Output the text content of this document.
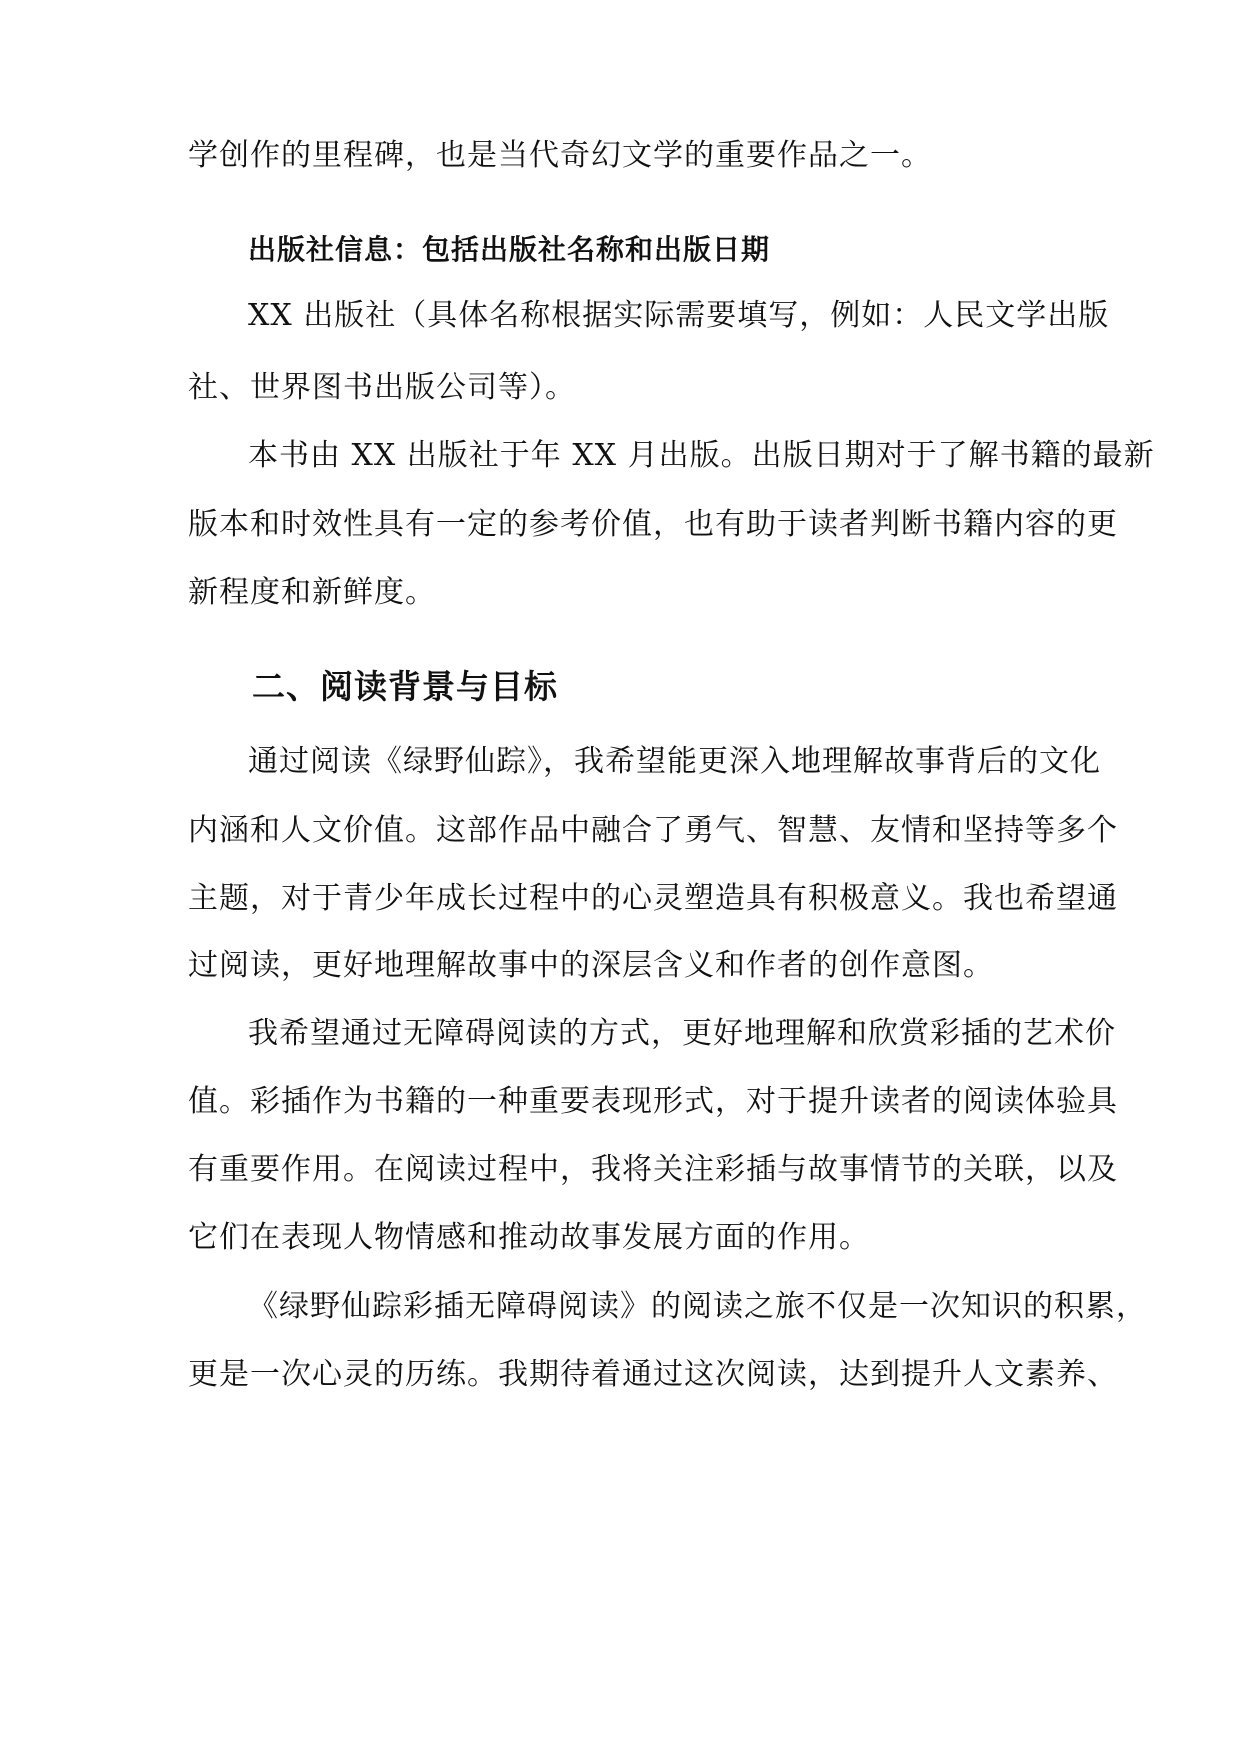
学创作的里程碑，也是当代奇幻文学的重要作品之一。
出版社信息：包括出版社名称和出版日期
XX 出版社（具体名称根据实际需要填写，例如：人民文学出版
社、世界图书出版公司等）。
本书由 XX 出版社于年 XX 月出版。出版日期对于了解书籍的最新
版本和时效性具有一定的参考价值，也有助于读者判断书籍内容的更
新程度和新鲜度。
二、阅读背景与目标
通过阅读《绿野仙踪》，我希望能更深入地理解故事背后的文化
内涵和人文价值。这部作品中融合了勇气、智慧、友情和坚持等多个
主题，对于青少年成长过程中的心灵塑造具有积极意义。我也希望通
过阅读，更好地理解故事中的深层含义和作者的创作意图。
我希望通过无障碍阅读的方式，更好地理解和欣赏彩插的艺术价
值。彩插作为书籍的一种重要表现形式，对于提升读者的阅读体验具
有重要作用。在阅读过程中，我将关注彩插与故事情节的关联，以及
它们在表现人物情感和推动故事发展方面的作用。
《绿野仙踪彩插无障碍阅读》的阅读之旅不仅是一次知识的积累，
更是一次心灵的历练。我期待着通过这次阅读，达到提升人文素养、
